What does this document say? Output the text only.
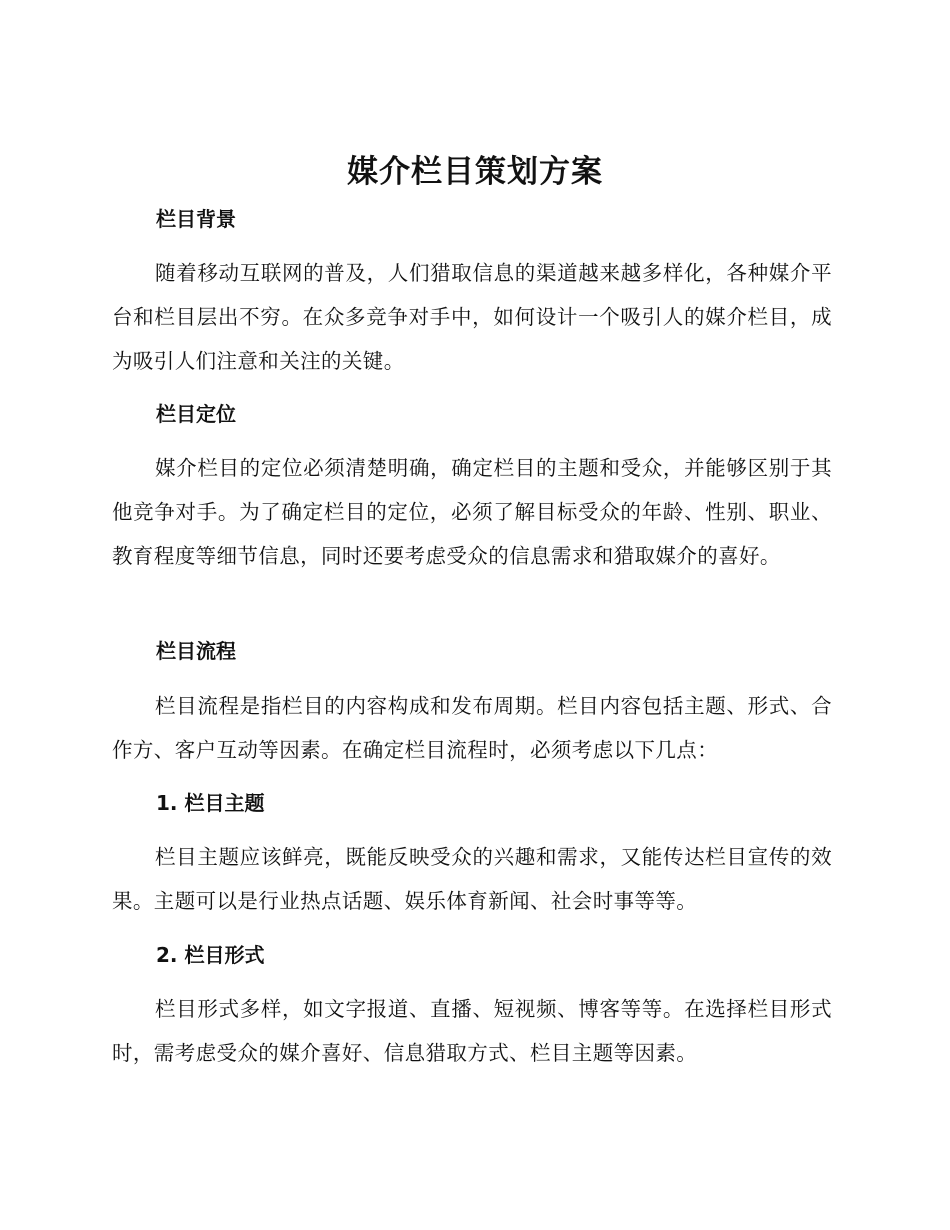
媒介栏目策划方案
栏目背景
随着移动互联网的普及，人们猎取信息的渠道越来越多样化，各种媒介平台和栏目层出不穷。在众多竞争对手中，如何设计一个吸引人的媒介栏目，成为吸引人们注意和关注的关键。
栏目定位
媒介栏目的定位必须清楚明确，确定栏目的主题和受众，并能够区别于其他竞争对手。为了确定栏目的定位，必须了解目标受众的年龄、性别、职业、教育程度等细节信息，同时还要考虑受众的信息需求和猎取媒介的喜好。
栏目流程
栏目流程是指栏目的内容构成和发布周期。栏目内容包括主题、形式、合作方、客户互动等因素。在确定栏目流程时，必须考虑以下几点：
1. 栏目主题
栏目主题应该鲜亮，既能反映受众的兴趣和需求，又能传达栏目宣传的效果。主题可以是行业热点话题、娱乐体育新闻、社会时事等等。
2. 栏目形式
栏目形式多样，如文字报道、直播、短视频、博客等等。在选择栏目形式时，需考虑受众的媒介喜好、信息猎取方式、栏目主题等因素。
